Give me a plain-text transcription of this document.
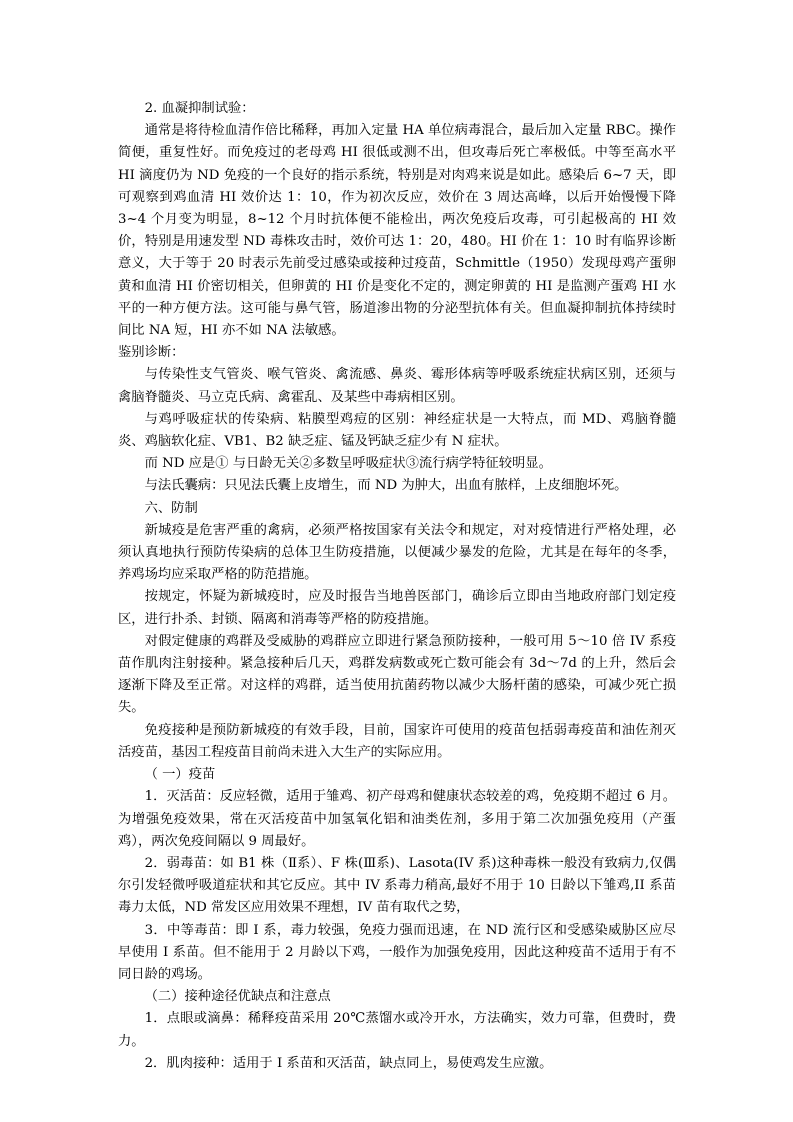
2. 血凝抑制试验：

通常是将待检血清作倍比稀释，再加入定量 HA 单位病毒混合，最后加入定量 RBC。操作简便，重复性好。而免疫过的老母鸡 HI 很低或测不出，但攻毒后死亡率极低。中等至高水平 HI 滴度仍为 ND 免疫的一个良好的指示系统，特别是对肉鸡来说是如此。感染后 6~7 天，即可观察到鸡血清 HI 效价达 1：10，作为初次反应，效价在 3 周达高峰，以后开始慢慢下降 3~4 个月变为明显，8~12 个月时抗体便不能检出，两次免疫后攻毒，可引起极高的 HI 效价，特别是用速发型 ND 毒株攻击时，效价可达 1：20，480。HI 价在 1：10 时有临界诊断意义，大于等于 20 时表示先前受过感染或接种过疫苗，Schmittle（1950）发现母鸡产蛋卵黄和血清 HI 价密切相关，但卵黄的 HI 价是变化不定的，测定卵黄的 HI 是监测产蛋鸡 HI 水平的一种方便方法。这可能与鼻气管，肠道渗出物的分泌型抗体有关。但血凝抑制抗体持续时间比 NA 短，HI 亦不如 NA 法敏感。

鉴别诊断：

与传染性支气管炎、喉气管炎、禽流感、鼻炎、霉形体病等呼吸系统症状病区别，还须与禽脑脊髓炎、马立克氏病、禽霍乱、及某些中毒病相区别。

与鸡呼吸症状的传染病、粘膜型鸡痘的区别：神经症状是一大特点，而 MD、鸡脑脊髓炎、鸡脑软化症、VB1、B2 缺乏症、锰及钙缺乏症少有 N 症状。

而 ND 应是① 与日龄无关②多数呈呼吸症状③流行病学特征较明显。

与法氏囊病：只见法氏囊上皮增生，而 ND 为肿大，出血有脓样，上皮细胞坏死。

六、防制

新城疫是危害严重的禽病，必须严格按国家有关法令和规定，对对疫情进行严格处理，必须认真地执行预防传染病的总体卫生防疫措施，以便减少暴发的危险，尤其是在每年的冬季，养鸡场均应采取严格的防范措施。

按规定，怀疑为新城疫时，应及时报告当地兽医部门，确诊后立即由当地政府部门划定疫区，进行扑杀、封锁、隔离和消毒等严格的防疫措施。

对假定健康的鸡群及受威胁的鸡群应立即进行紧急预防接种，一般可用 5～10 倍 IV 系疫苗作肌肉注射接种。紧急接种后几天，鸡群发病数或死亡数可能会有 3d～7d 的上升，然后会逐渐下降及至正常。对这样的鸡群，适当使用抗菌药物以减少大肠杆菌的感染，可减少死亡损失。

免疫接种是预防新城疫的有效手段，目前，国家许可使用的疫苗包括弱毒疫苗和油佐剂灭活疫苗，基因工程疫苗目前尚未进入大生产的实际应用。

（ 一）疫苗

1．灭活苗：反应轻微，适用于雏鸡、初产母鸡和健康状态较差的鸡，免疫期不超过 6 月。为增强免疫效果，常在灭活疫苗中加氢氧化铝和油类佐剂，多用于第二次加强免疫用（产蛋鸡），两次免疫间隔以 9 周最好。

2．弱毒苗：如 B1 株（Ⅱ系）、F 株(Ⅲ系)、Lasota(IV 系)这种毒株一般没有致病力,仅偶尔引发轻微呼吸道症状和其它反应。其中 IV 系毒力稍高,最好不用于 10 日龄以下雏鸡,II 系苗毒力太低，ND 常发区应用效果不理想，IV 苗有取代之势，

3．中等毒苗：即 I 系，毒力较强，免疫力强而迅速，在 ND 流行区和受感染威胁区应尽早使用 I 系苗。但不能用于 2 月龄以下鸡，一般作为加强免疫用，因此这种疫苗不适用于有不同日龄的鸡场。

（二）接种途径优缺点和注意点

1．点眼或滴鼻：稀释疫苗采用 20℃蒸馏水或冷开水，方法确实，效力可靠，但费时，费力。

2．肌肉接种：适用于 I 系苗和灭活苗，缺点同上，易使鸡发生应激。
